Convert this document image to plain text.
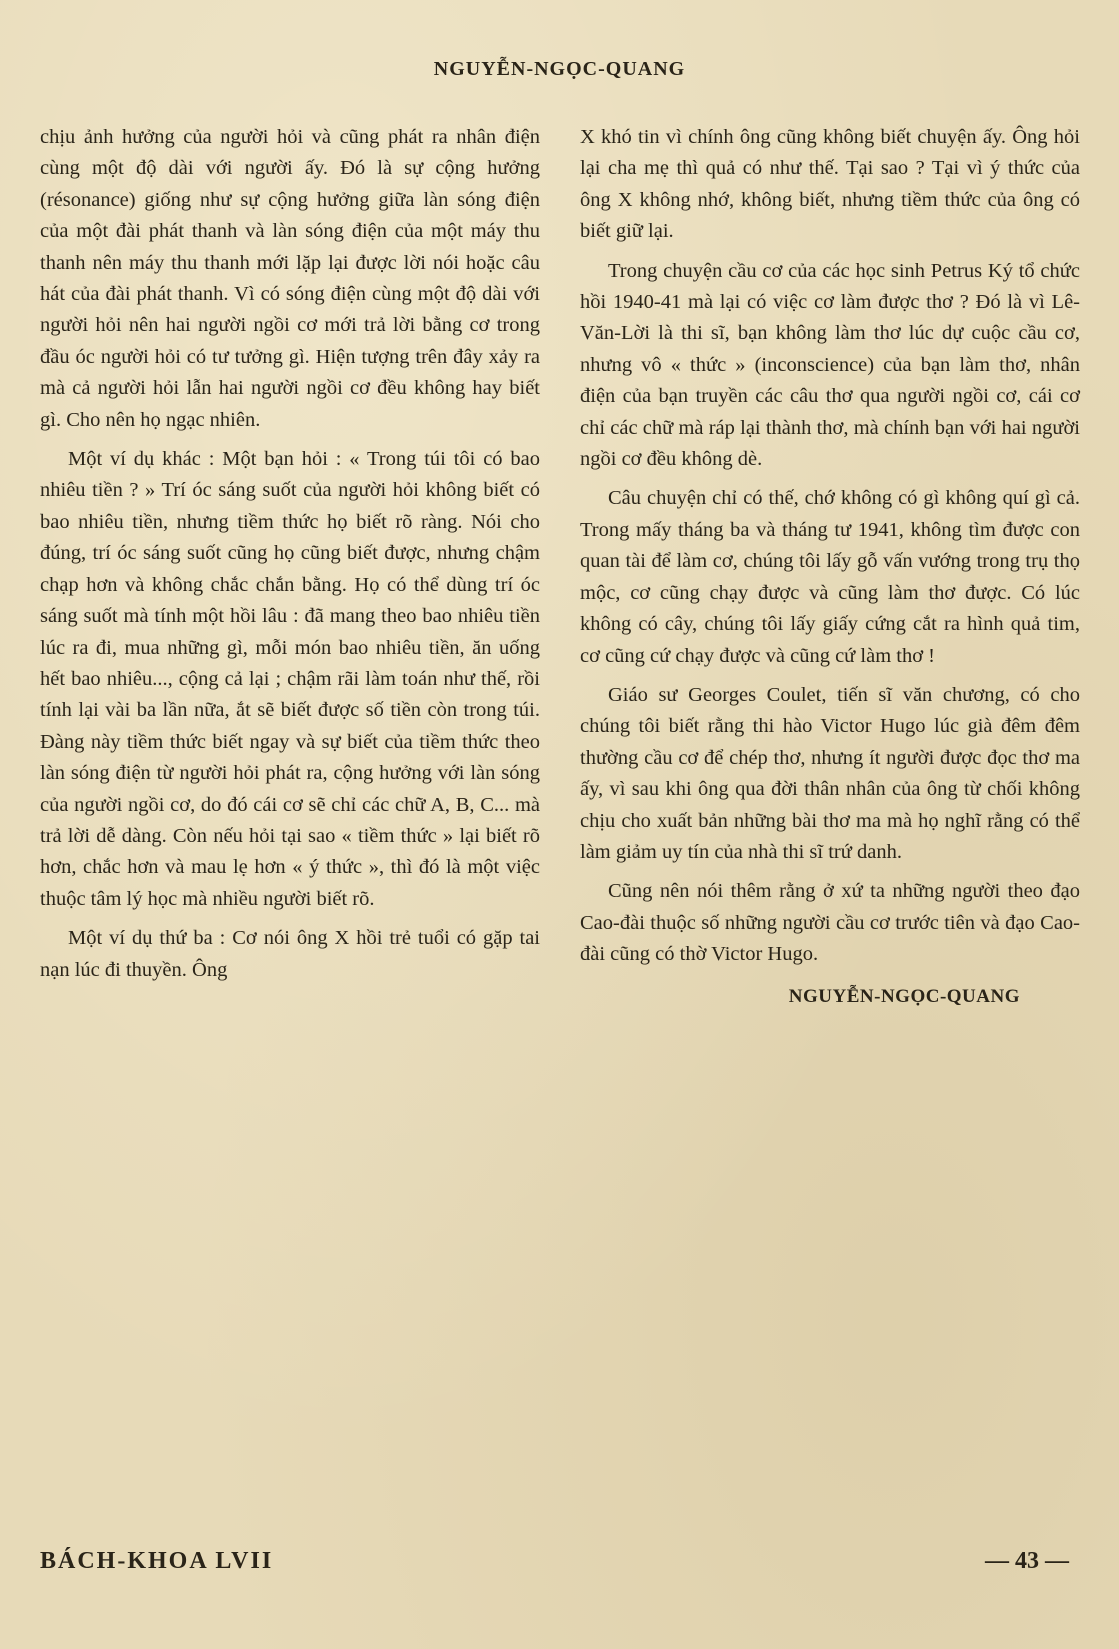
NGUYỄN-NGỌC-QUANG

chịu ảnh hưởng của người hỏi và cũng phát ra nhân điện cùng một độ dài với người ấy. Đó là sự cộng hưởng (résonance) giống như sự cộng hưởng giữa làn sóng điện của một đài phát thanh và làn sóng điện của một máy thu thanh nên máy thu thanh mới lặp lại được lời nói hoặc câu hát của đài phát thanh. Vì có sóng điện cùng một độ dài với người hỏi nên hai người ngồi cơ mới trả lời bằng cơ trong đầu óc người hỏi có tư tưởng gì. Hiện tượng trên đây xảy ra mà cả người hỏi lẫn hai người ngồi cơ đều không hay biết gì. Cho nên họ ngạc nhiên.

Một ví dụ khác : Một bạn hỏi : « Trong túi tôi có bao nhiêu tiền ? » Trí óc sáng suốt của người hỏi không biết có bao nhiêu tiền, nhưng tiềm thức họ biết rõ ràng. Nói cho đúng, trí óc sáng suốt cũng họ cũng biết được, nhưng chậm chạp hơn và không chắc chắn bằng. Họ có thể dùng trí óc sáng suốt mà tính một hồi lâu : đã mang theo bao nhiêu tiền lúc ra đi, mua những gì, mỗi món bao nhiêu tiền, ăn uống hết bao nhiêu..., cộng cả lại ; chậm rãi làm toán như thế, rồi tính lại vài ba lần nữa, ắt sẽ biết được số tiền còn trong túi. Đàng này tiềm thức biết ngay và sự biết của tiềm thức theo làn sóng điện từ người hỏi phát ra, cộng hưởng với làn sóng của người ngồi cơ, do đó cái cơ sẽ chỉ các chữ A, B, C... mà trả lời dễ dàng. Còn nếu hỏi tại sao « tiềm thức » lại biết rõ hơn, chắc hơn và mau lẹ hơn « ý thức », thì đó là một việc thuộc tâm lý học mà nhiều người biết rõ.

Một ví dụ thứ ba : Cơ nói ông X hồi trẻ tuổi có gặp tai nạn lúc đi thuyền. Ông

X khó tin vì chính ông cũng không biết chuyện ấy. Ông hỏi lại cha mẹ thì quả có như thế. Tại sao ? Tại vì ý thức của ông X không nhớ, không biết, nhưng tiềm thức của ông có biết giữ lại.

Trong chuyện cầu cơ của các học sinh Petrus Ký tổ chức hồi 1940-41 mà lại có việc cơ làm được thơ ? Đó là vì Lê-Văn-Lời là thi sĩ, bạn không làm thơ lúc dự cuộc cầu cơ, nhưng vô « thức » (inconscience) của bạn làm thơ, nhân điện của bạn truyền các câu thơ qua người ngồi cơ, cái cơ chỉ các chữ mà ráp lại thành thơ, mà chính bạn với hai người ngồi cơ đều không dè.

Câu chuyện chỉ có thế, chớ không có gì không quí gì cả. Trong mấy tháng ba và tháng tư 1941, không tìm được con quan tài để làm cơ, chúng tôi lấy gỗ vấn vướng trong trụ thọ mộc, cơ cũng chạy được và cũng làm thơ được. Có lúc không có cây, chúng tôi lấy giấy cứng cắt ra hình quả tim, cơ cũng cứ chạy được và cũng cứ làm thơ !

Giáo sư Georges Coulet, tiến sĩ văn chương, có cho chúng tôi biết rằng thi hào Victor Hugo lúc già đêm đêm thường cầu cơ để chép thơ, nhưng ít người được đọc thơ ma ấy, vì sau khi ông qua đời thân nhân của ông từ chối không chịu cho xuất bản những bài thơ ma mà họ nghĩ rằng có thể làm giảm uy tín của nhà thi sĩ trứ danh.

Cũng nên nói thêm rằng ở xứ ta những người theo đạo Cao-đài thuộc số những người cầu cơ trước tiên và đạo Cao-đài cũng có thờ Victor Hugo.

NGUYỄN-NGỌC-QUANG
BÁCH-KHOA LVII	— 43 —
